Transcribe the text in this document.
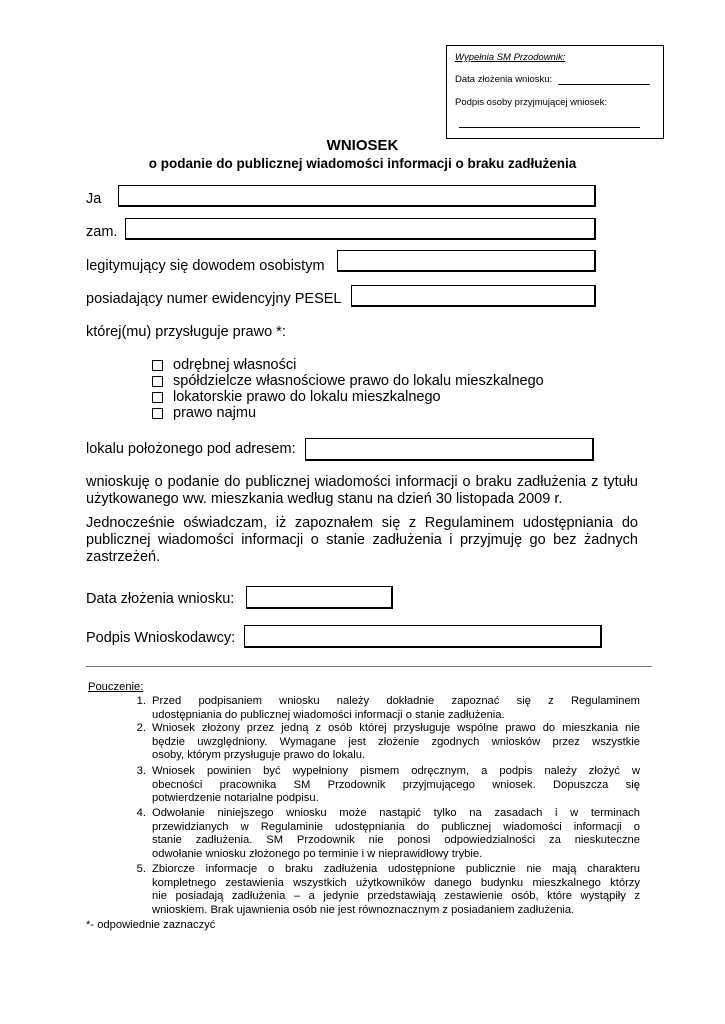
Wypełnia SM Przodownik:
Data złożenia wniosku:
Podpis osoby przyjmującej wniosek:
WNIOSEK
o podanie do publicznej wiadomości informacji o braku zadłużenia
Ja
zam.
legitymujący się dowodem osobistym
posiadający numer ewidencyjny PESEL
której(mu) przysługuje prawo *:
odrębnej własności
spółdzielcze własnościowe prawo do lokalu mieszkalnego
lokatorskie prawo do lokalu mieszkalnego
prawo najmu
lokalu położonego pod adresem:
wnioskuję o podanie do publicznej wiadomości informacji o braku zadłużenia z tytułu
użytkowanego ww. mieszkania według stanu na dzień 30 listopada 2009 r.
Jednocześnie oświadczam, iż zapoznałem się z Regulaminem udostępniania do
publicznej wiadomości informacji o stanie zadłużenia i przyjmuję go bez żadnych
zastrzeżeń.
Data złożenia wniosku:
Podpis Wnioskodawcy:
Pouczenie:
1. Przed podpisaniem wniosku należy dokładnie zapoznać się z Regulaminem
udostępniania do publicznej wiadomości informacji o stanie zadłużenia.
2. Wniosek złożony przez jedną z osób której przysługuje wspólne prawo do mieszkania nie
będzie uwzględniony. Wymagane jest złożenie zgodnych wniosków przez wszystkie
osoby, którym przysługuje prawo do lokalu.
3. Wniosek powinien być wypełniony pismem odręcznym, a podpis należy złożyć w
obecności pracownika SM Przodownik przyjmującego wniosek. Dopuszcza się
potwierdzenie notarialne podpisu.
4. Odwołanie niniejszego wniosku może nastąpić tylko na zasadach i w terminach
przewidzianych w Regulaminie udostępniania do publicznej wiadomości informacji o
stanie zadłużenia. SM Przodownik nie ponosi odpowiedzialności za nieskuteczne
odwołanie wniosku złożonego po terminie i w nieprawidłowy trybie.
5. Zbiorcze informacje o braku zadłużenia udostępnione publicznie nie mają charakteru
kompletnego zestawienia wszystkich użytkowników danego budynku mieszkalnego którzy
nie posiadają zadłużenia – a jedynie przedstawiają zestawienie osób, które wystąpiły z
wnioskiem. Brak ujawnienia osób nie jest równoznacznym z posiadaniem zadłużenia.
*- odpowiednie zaznaczyć
